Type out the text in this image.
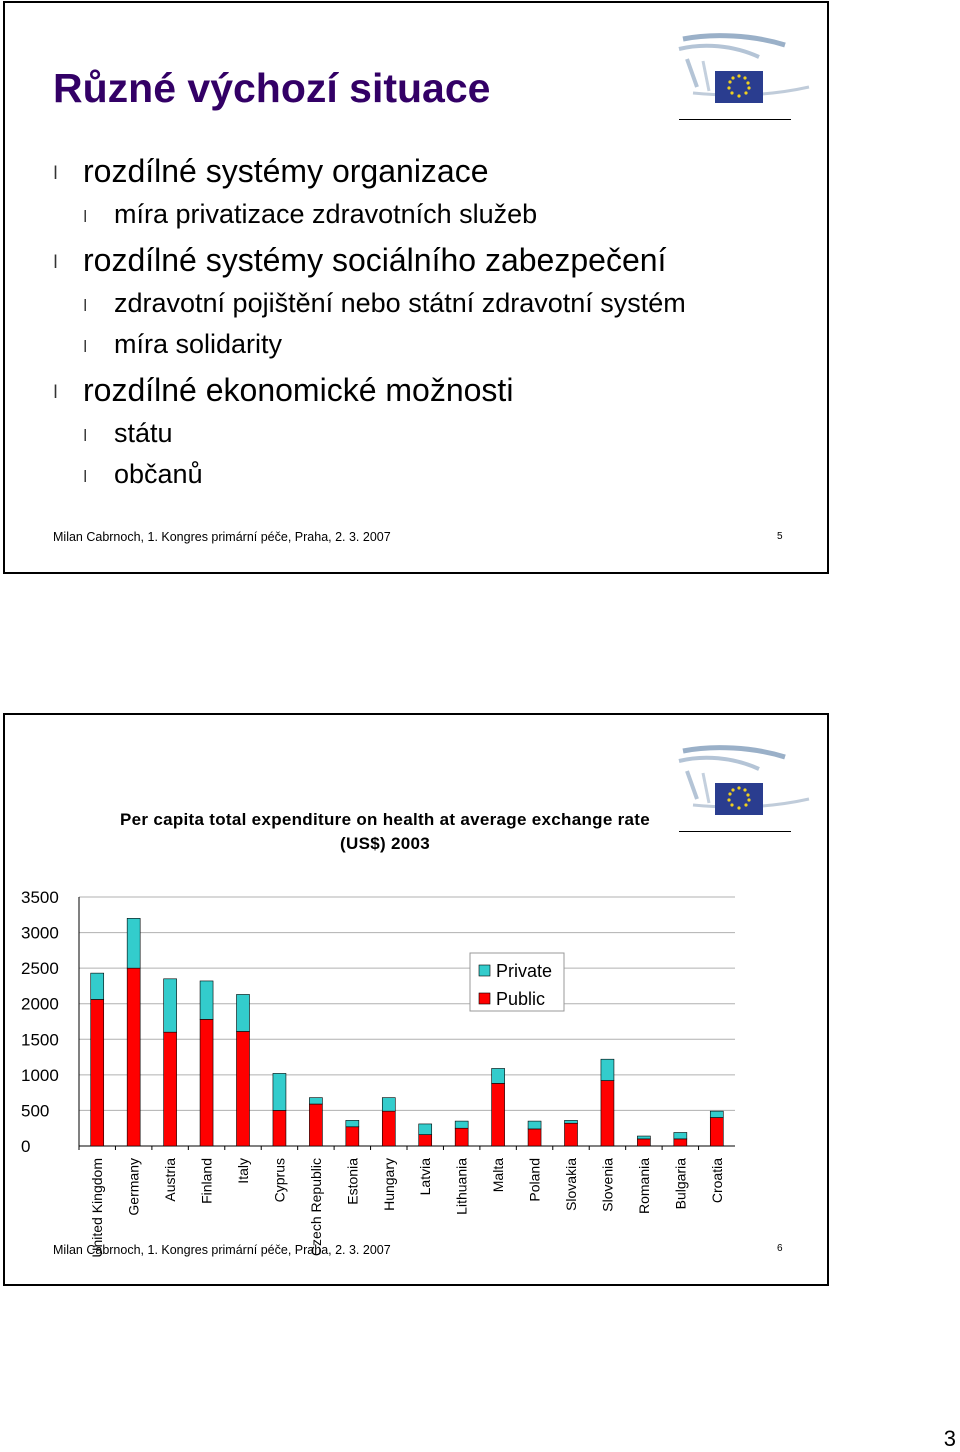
Různé výchozí situace
l rozdílné systémy organizace
l míra privatizace zdravotních služeb
l rozdílné systémy sociálního zabezpečení
l zdravotní pojištění nebo státní zdravotní systém
l míra solidarity
l rozdílné ekonomické možnosti
l státu
l občanů
Milan Cabrnoch, 1. Kongres primární péče, Praha, 2. 3. 2007	5
Per capita total expenditure on health at average exchange rate
(US$) 2003
3500
3000
2500
2000
1500
1000
500
0
United Kingdom Germany Austria Finland Italy Cyprus Czech Republic Estonia Hungary Latvia Lithuania Malta Poland Slovakia Slovenia Romania Bulgaria Croatia
Private
Public
Milan Cabrnoch, 1. Kongres primární péče, Praha, 2. 3. 2007	6
3
